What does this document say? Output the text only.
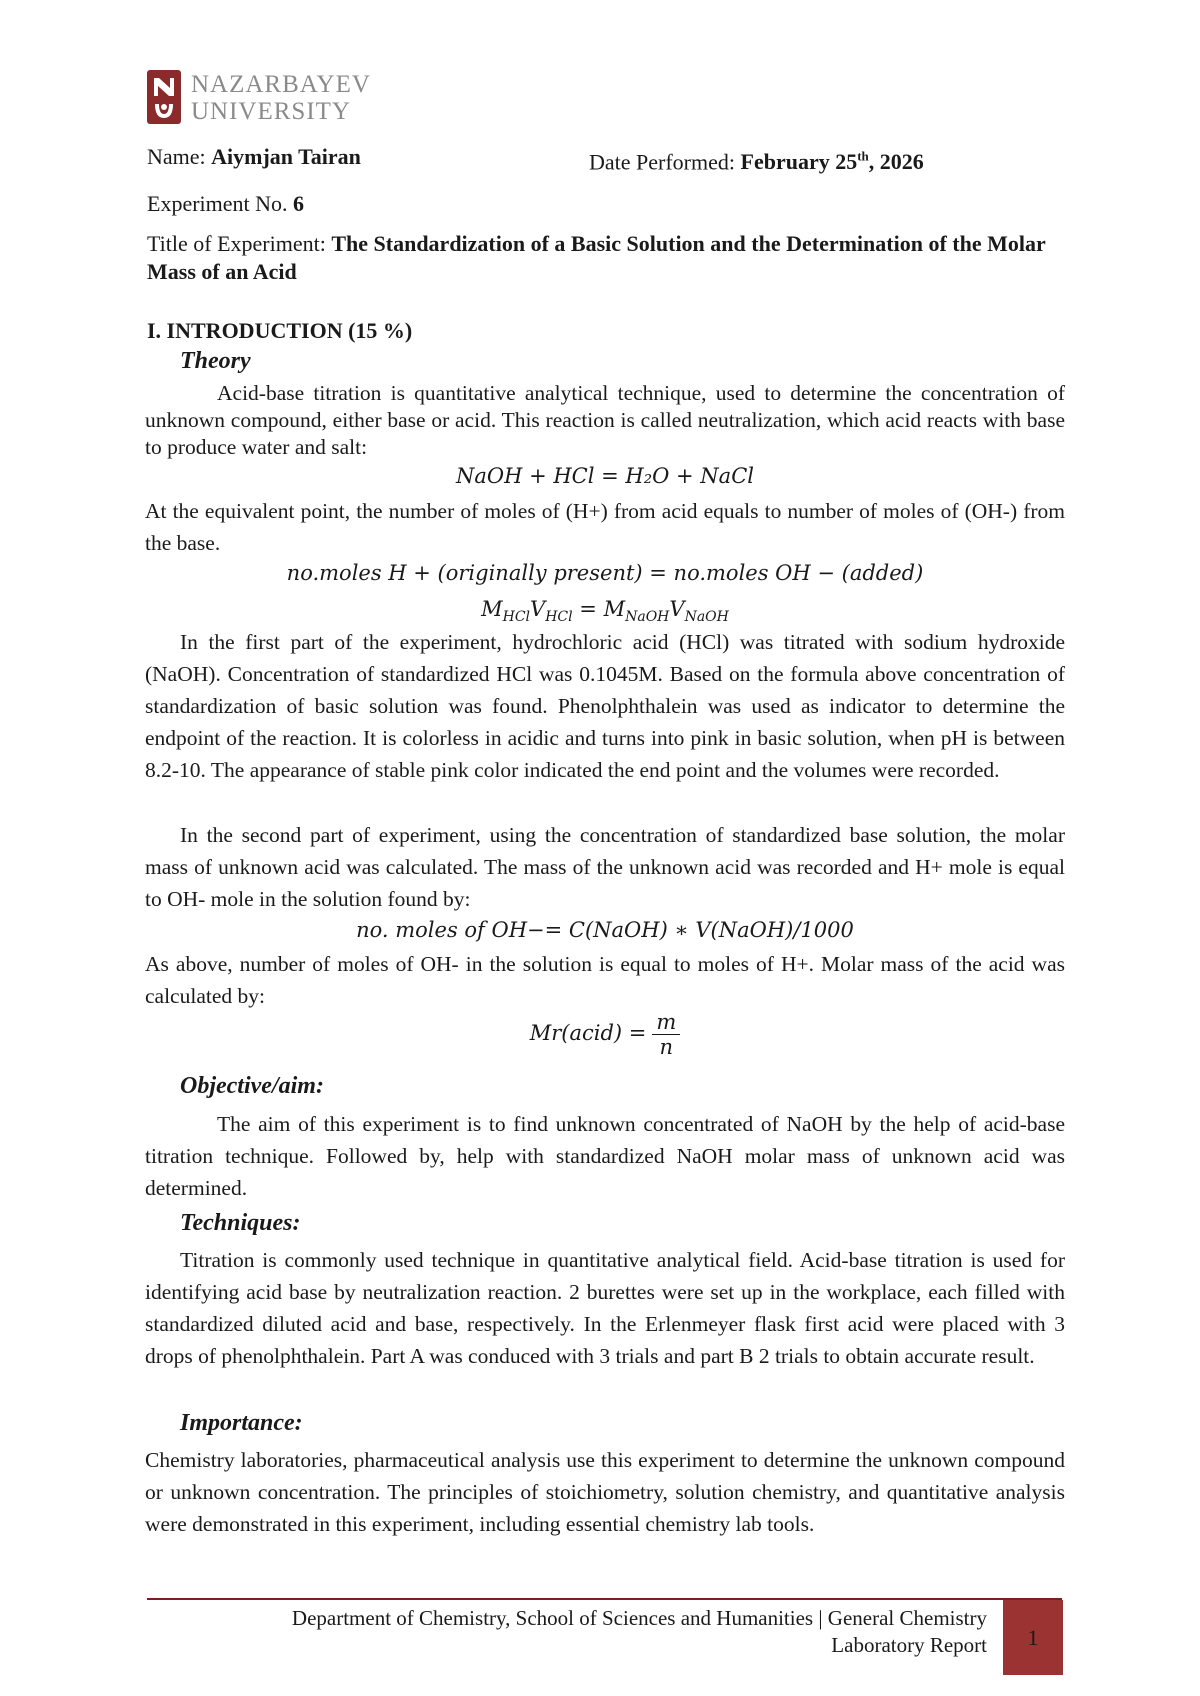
NAZARBAYEV
UNIVERSITY
Name: Aiymjan Tairan	Date Performed: February 25th, 2026
Experiment No. 6
Title of Experiment: The Standardization of a Basic Solution and the Determination of the Molar Mass of an Acid
I. INTRODUCTION (15 %)
Theory
Acid-base titration is quantitative analytical technique, used to determine the concentration of unknown compound, either base or acid. This reaction is called neutralization, which acid reacts with base to produce water and salt:
NaOH + HCl = H₂O + NaCl
At the equivalent point, the number of moles of (H+) from acid equals to number of moles of (OH-) from the base.
no.moles H + (originally present) = no.moles OH − (added)
$M_{HCl}V_{HCl} = M_{NaOH}V_{NaOH}$
In the first part of the experiment, hydrochloric acid (HCl) was titrated with sodium hydroxide (NaOH). Concentration of standardized HCl was 0.1045M. Based on the formula above concentration of standardization of basic solution was found. Phenolphthalein was used as indicator to determine the endpoint of the reaction. It is colorless in acidic and turns into pink in basic solution, when pH is between 8.2-10. The appearance of stable pink color indicated the end point and the volumes were recorded.
In the second part of experiment, using the concentration of standardized base solution, the molar mass of unknown acid was calculated. The mass of the unknown acid was recorded and H+ mole is equal to OH- mole in the solution found by:
no. moles of OH−= C(NaOH) ∗ V(NaOH)/1000
As above, number of moles of OH- in the solution is equal to moles of H+. Molar mass of the acid was calculated by:
Mr(acid) = $\frac{m}{n}$
Objective/aim:
The aim of this experiment is to find unknown concentrated of NaOH by the help of acid-base titration technique. Followed by, help with standardized NaOH molar mass of unknown acid was determined.
Techniques:
Titration is commonly used technique in quantitative analytical field. Acid-base titration is used for identifying acid base by neutralization reaction. 2 burettes were set up in the workplace, each filled with standardized diluted acid and base, respectively. In the Erlenmeyer flask first acid were placed with 3 drops of phenolphthalein. Part A was conduced with 3 trials and part B 2 trials to obtain accurate result.
Importance:
Chemistry laboratories, pharmaceutical analysis use this experiment to determine the unknown compound or unknown concentration. The principles of stoichiometry, solution chemistry, and quantitative analysis were demonstrated in this experiment, including essential chemistry lab tools.
Department of Chemistry, School of Sciences and Humanities | General Chemistry
Laboratory Report	1
